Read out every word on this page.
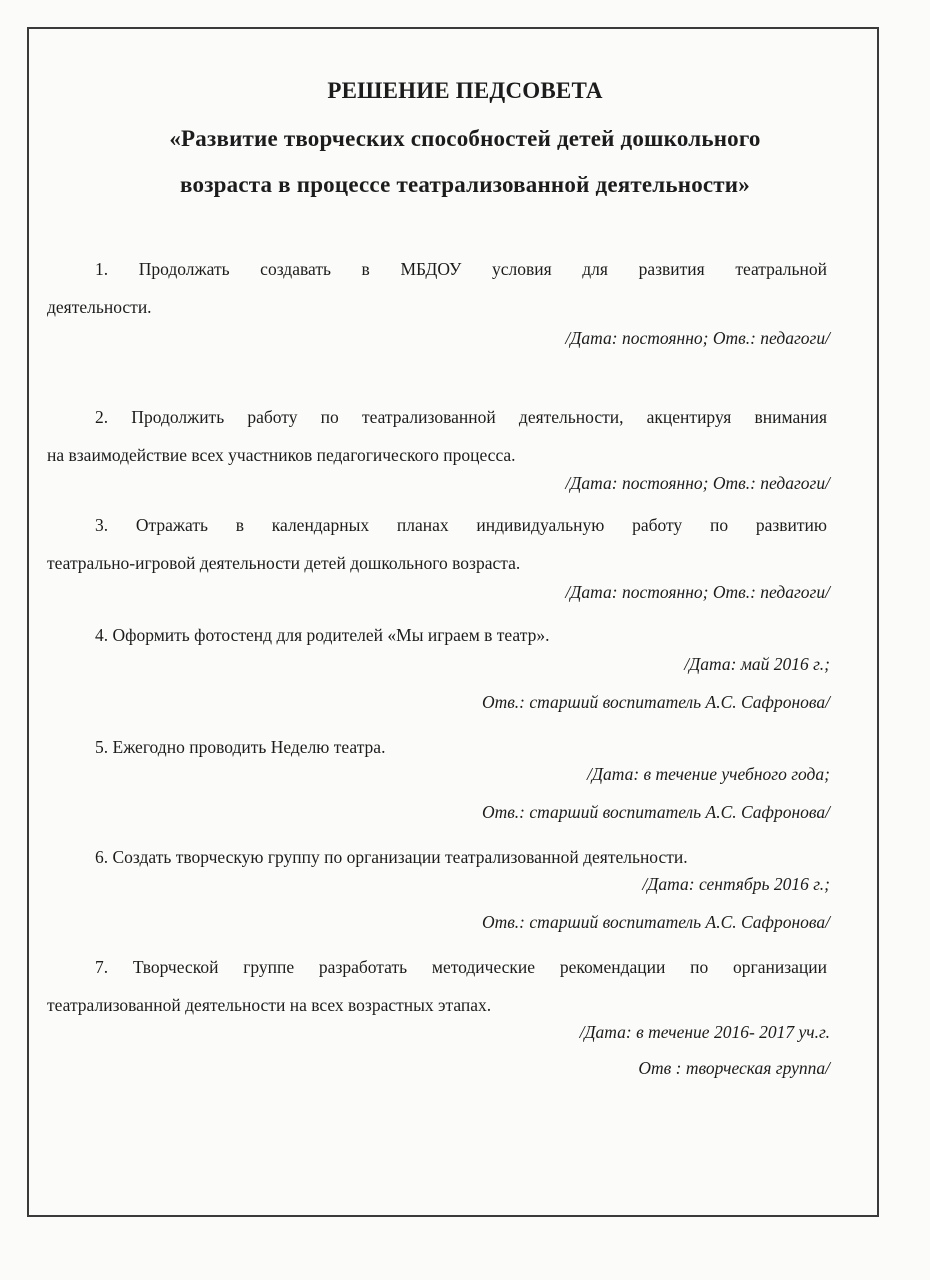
РЕШЕНИЕ ПЕДСОВЕТА
«Развитие творческих способностей детей дошкольного
возраста в процессе театрализованной деятельности»
1. Продолжать создавать в МБДОУ условия для развития театральной
деятельности.
/Дата: постоянно; Отв.: педагоги/
2. Продолжить работу по театрализованной деятельности, акцентируя внимания
на взаимодействие всех участников педагогического процесса.
/Дата: постоянно; Отв.: педагоги/
3. Отражать в календарных планах индивидуальную работу по развитию
театрально-игровой деятельности детей дошкольного возраста.
/Дата: постоянно; Отв.: педагоги/
4. Оформить фотостенд для родителей «Мы играем в театр».
/Дата: май 2016 г.;
Отв.: старший воспитатель А.С. Сафронова/
5. Ежегодно проводить Неделю театра.
/Дата: в течение учебного года;
Отв.: старший воспитатель А.С. Сафронова/
6. Создать творческую группу по организации театрализованной деятельности.
/Дата: сентябрь 2016 г.;
Отв.: старший воспитатель А.С. Сафронова/
7. Творческой группе разработать методические рекомендации по организации
театрализованной деятельности на всех возрастных этапах.
/Дата: в течение 2016- 2017 уч.г.
Отв : творческая группа/
